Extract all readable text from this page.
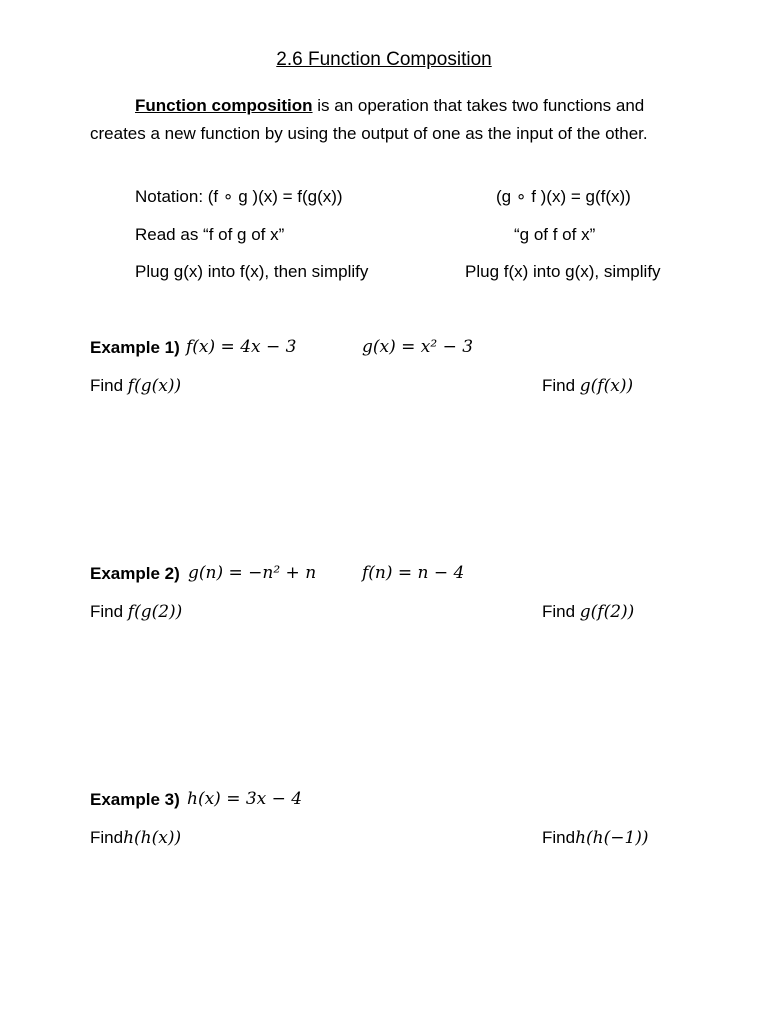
2.6 Function Composition
Function composition is an operation that takes two functions and creates a new function by using the output of one as the input of the other.
Notation: (f ∘ g )(x) = f(g(x))	(g ∘ f )(x) = g(f(x))
Read as “f of g of x”	“g of f of x”
Plug g(x) into f(x), then simplify	Plug f(x) into g(x), simplify
Example 1) f(x) = 4x − 3	g(x) = x² − 3
Find f(g(x))	Find g(f(x))
Example 2) g(n) = −n² + n	f(n) = n − 4
Find f(g(2))	Find g(f(2))
Example 3) h(x) = 3x − 4
Findh(h(x))	Findh(h(−1))
